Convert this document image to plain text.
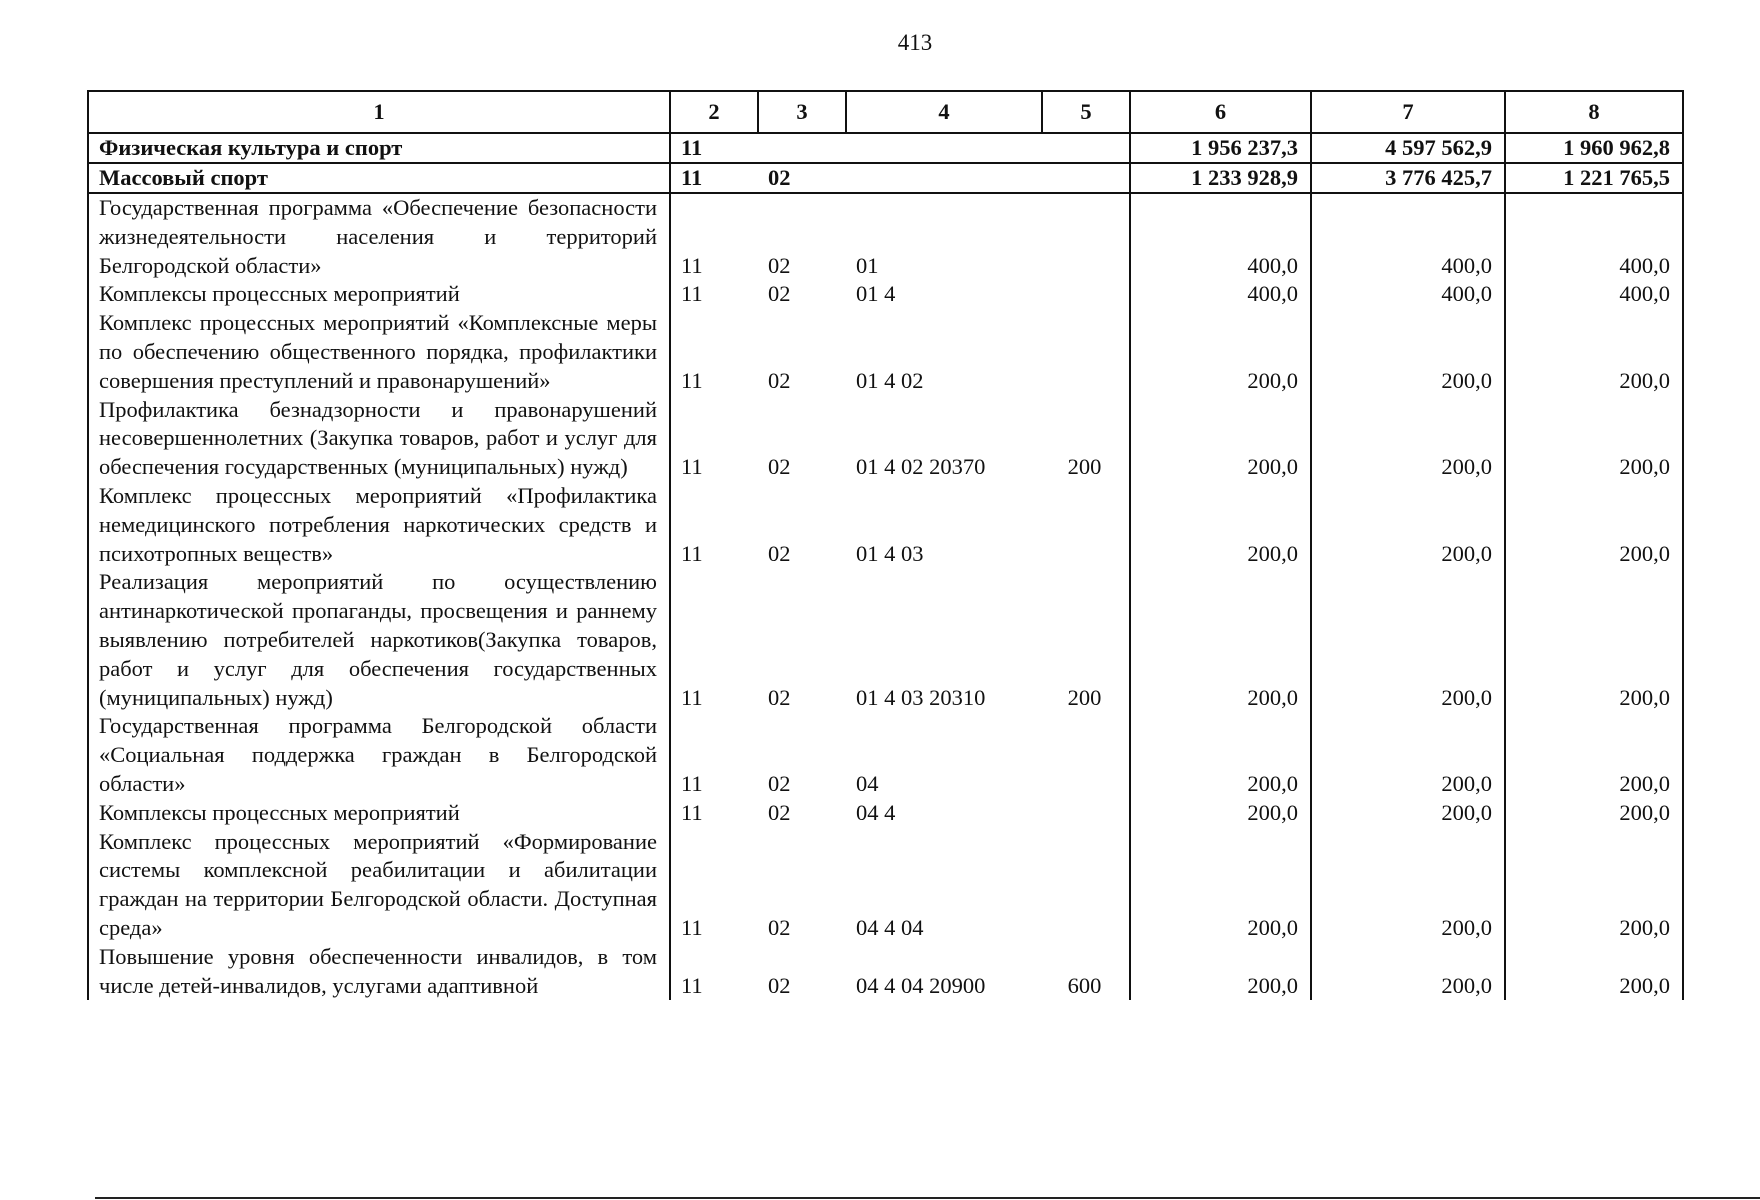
413
1	2	3	4	5	6	7	8
Физическая культура и спорт	11				1 956 237,3	4 597 562,9	1 960 962,8
Массовый спорт	11	02			1 233 928,9	3 776 425,7	1 221 765,5
Государственная программа «Обеспечение безопасности жизнедеятельности населения и территорий Белгородской области»	11	02	01		400,0	400,0	400,0
Комплексы процессных мероприятий	11	02	01 4		400,0	400,0	400,0
Комплекс процессных мероприятий «Комплексные меры по обеспечению общественного порядка, профилактики совершения преступлений и правонарушений»	11	02	01 4 02		200,0	200,0	200,0
Профилактика безнадзорности и правонарушений несовершеннолетних (Закупка товаров, работ и услуг для обеспечения государственных (муниципальных) нужд)	11	02	01 4 02 20370	200	200,0	200,0	200,0
Комплекс процессных мероприятий «Профилактика немедицинского потребления наркотических средств и психотропных веществ»	11	02	01 4 03		200,0	200,0	200,0
Реализация мероприятий по осуществлению антинаркотической пропаганды, просвещения и раннему выявлению потребителей наркотиков(Закупка товаров, работ и услуг для обеспечения государственных (муниципальных) нужд)	11	02	01 4 03 20310	200	200,0	200,0	200,0
Государственная программа Белгородской области «Социальная поддержка граждан в Белгородской области»	11	02	04		200,0	200,0	200,0
Комплексы процессных мероприятий	11	02	04 4		200,0	200,0	200,0
Комплекс процессных мероприятий «Формирование системы комплексной реабилитации и абилитации граждан на территории Белгородской области. Доступная среда»	11	02	04 4 04		200,0	200,0	200,0
Повышение уровня обеспеченности инвалидов, в том числе детей-инвалидов, услугами адаптивной	11	02	04 4 04 20900	600	200,0	200,0	200,0
